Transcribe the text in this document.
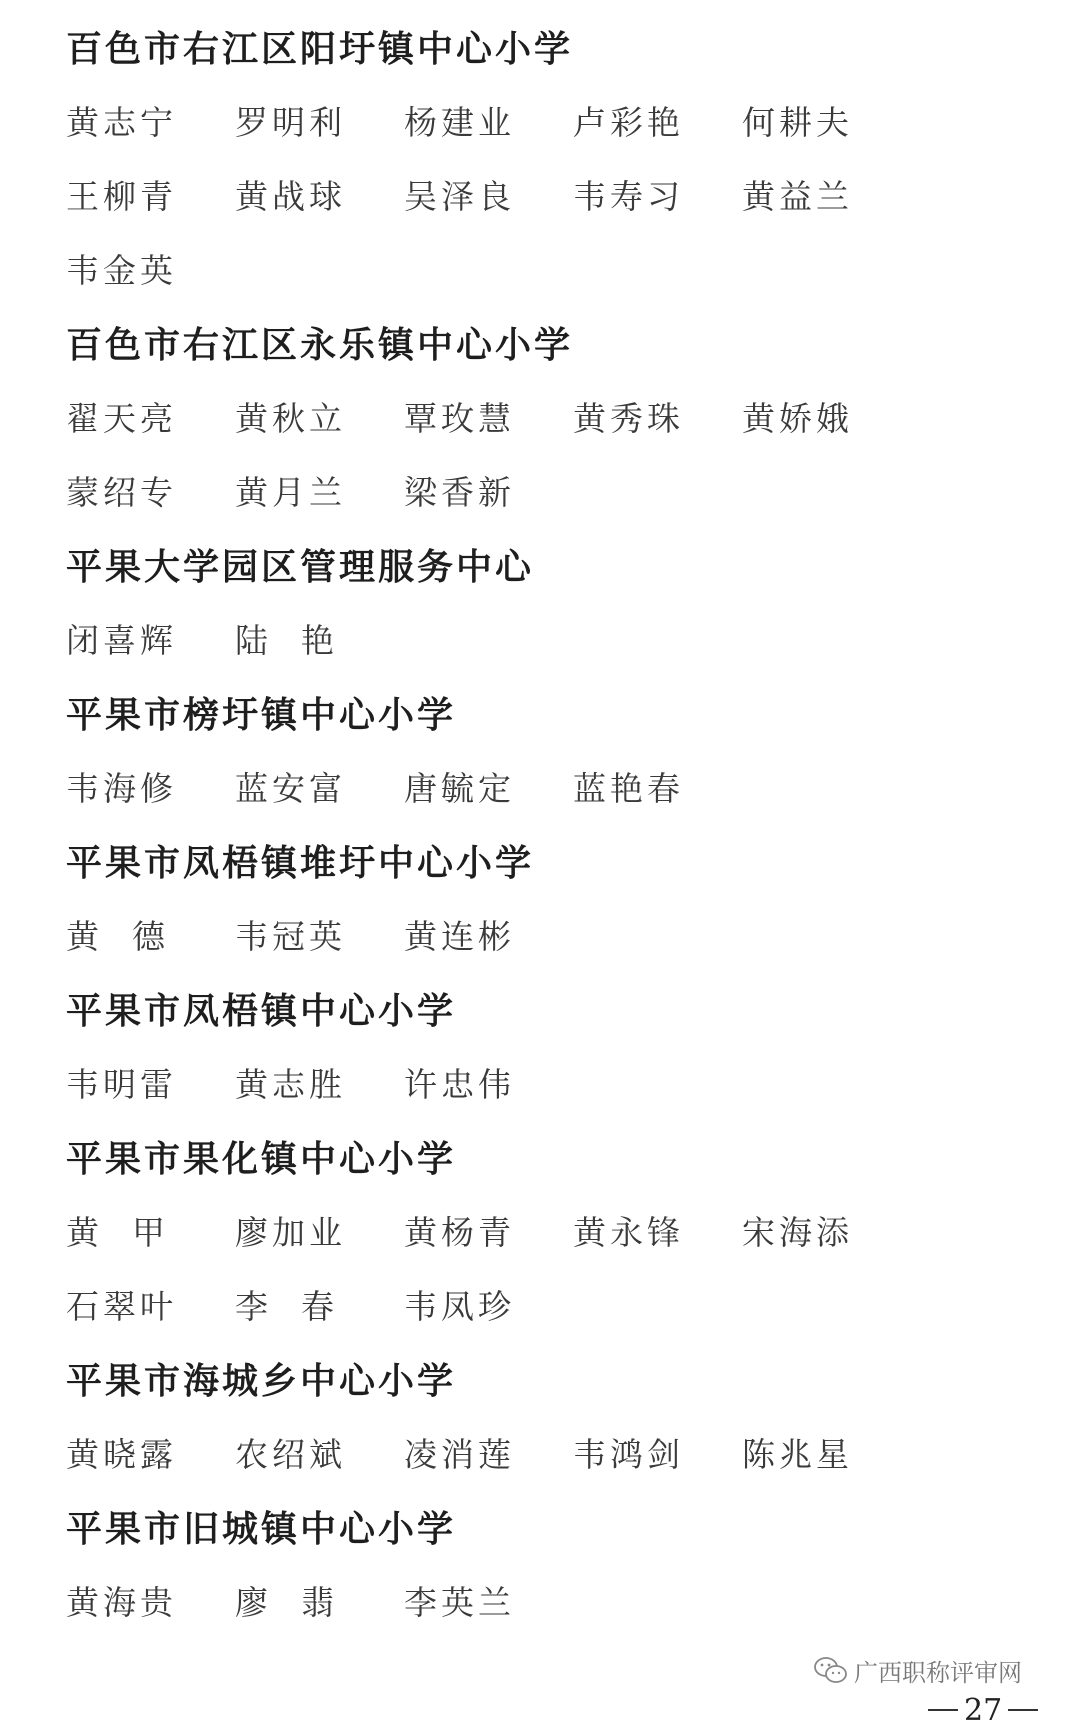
百色市右江区阳圩镇中心小学
黄志宁	罗明利	杨建业	卢彩艳	何耕夫
王柳青	黄战球	吴泽良	韦寿习	黄益兰
韦金英
百色市右江区永乐镇中心小学
翟天亮	黄秋立	覃玫慧	黄秀珠	黄娇娥
蒙绍专	黄月兰	梁香新
平果大学园区管理服务中心
闭喜辉	陆  艳
平果市榜圩镇中心小学
韦海修	蓝安富	唐毓定	蓝艳春
平果市凤梧镇堆圩中心小学
黄  德	韦冠英	黄连彬
平果市凤梧镇中心小学
韦明雷	黄志胜	许忠伟
平果市果化镇中心小学
黄  甲	廖加业	黄杨青	黄永锋	宋海添
石翠叶	李  春	韦凤珍
平果市海城乡中心小学
黄晓露	农绍斌	凌消莲	韦鸿剑	陈兆星
平果市旧城镇中心小学
黄海贵	廖  翡	李英兰
广西职称评审网
27
